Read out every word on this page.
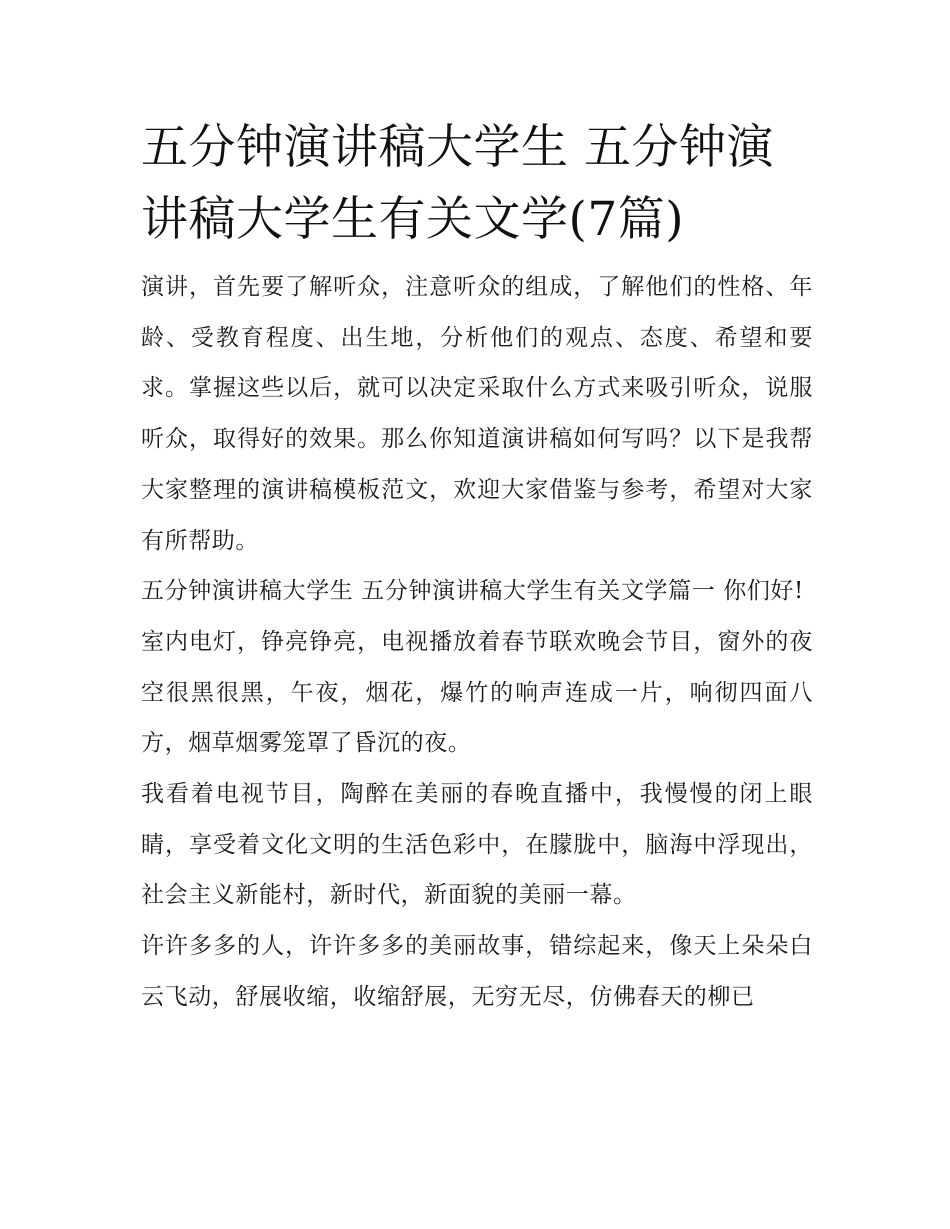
五分钟演讲稿大学生 五分钟演讲稿大学生有关文学(7篇)

演讲，首先要了解听众，注意听众的组成，了解他们的性格、年龄、受教育程度、出生地，分析他们的观点、态度、希望和要求。掌握这些以后，就可以决定采取什么方式来吸引听众，说服听众，取得好的效果。那么你知道演讲稿如何写吗？以下是我帮大家整理的演讲稿模板范文，欢迎大家借鉴与参考，希望对大家有所帮助。

五分钟演讲稿大学生 五分钟演讲稿大学生有关文学篇一 你们好!

室内电灯，铮亮铮亮，电视播放着春节联欢晚会节目，窗外的夜空很黑很黑，午夜，烟花，爆竹的响声连成一片，响彻四面八方，烟草烟雾笼罩了昏沉的夜。

我看着电视节目，陶醉在美丽的春晚直播中，我慢慢的闭上眼睛，享受着文化文明的生活色彩中，在朦胧中，脑海中浮现出，社会主义新能村，新时代，新面貌的美丽一幕。

许许多多的人，许许多多的美丽故事，错综起来，像天上朵朵白云飞动，舒展收缩，收缩舒展，无穷无尽，仿佛春天的柳已
